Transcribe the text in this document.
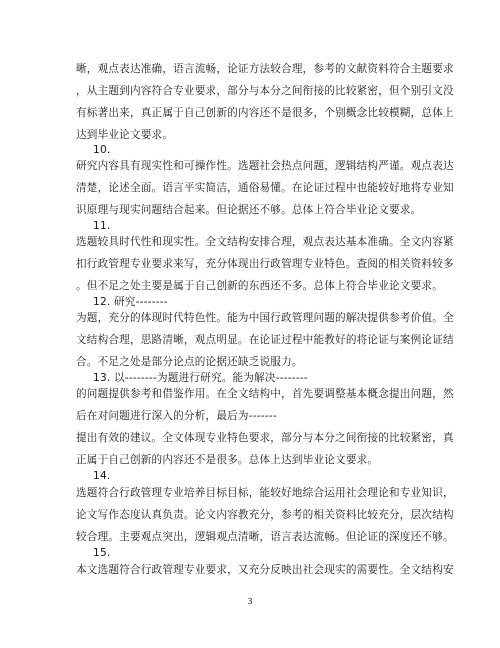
晰，观点表达准确，语言流畅，论证方法较合理，参考的文献资料符合主题要求
，从主题到内容符合专业要求，部分与本分之间衔接的比较紧密，但个别引文没
有标著出来，真正属于自己创新的内容还不是很多，个别概念比较模糊，总体上
达到毕业论文要求。
10.
研究内容具有现实性和可操作性。选题社会热点问题，逻辑结构严谨。观点表达
清楚，论述全面。语言平实简洁，通俗易懂。在论证过程中也能较好地将专业知
识原理与现实问题结合起来。但论据还不够。总体上符合毕业论文要求。
11.
选题较具时代性和现实性。全文结构安排合理，观点表达基本准确。全文内容紧
扣行政管理专业要求来写，充分体现出行政管理专业特色。查阅的相关资料较多
。但不足之处主要是属于自己创新的东西还不多。总体上符合毕业论文要求。
12. 研究--------
为题，充分的体现时代特色性。能为中国行政管理问题的解决提供参考价值。全
文结构合理，思路清晰，观点明显。在论证过程中能教好的将论证与案例论证结
合。不足之处是部分论点的论据还缺乏说服力。
13. 以--------为题进行研究。能为解决--------
的问题提供参考和借鉴作用。在全文结构中，首先要调整基本概念提出问题，然
后在对问题进行深入的分析，最后为-------
提出有效的建议。全文体现专业特色要求，部分与本分之间衔接的比较紧密，真
正属于自己创新的内容还不是很多。总体上达到毕业论文要求。
14.
选题符合行政管理专业培养目标目标，能较好地综合运用社会理论和专业知识，
论文写作态度认真负责。论文内容教充分，参考的相关资料比较充分，层次结构
较合理。主要观点突出，逻辑观点清晰，语言表达流畅。但论证的深度还不够。
15.
本文选题符合行政管理专业要求，又充分反映出社会现实的需要性。全文结构安
3
